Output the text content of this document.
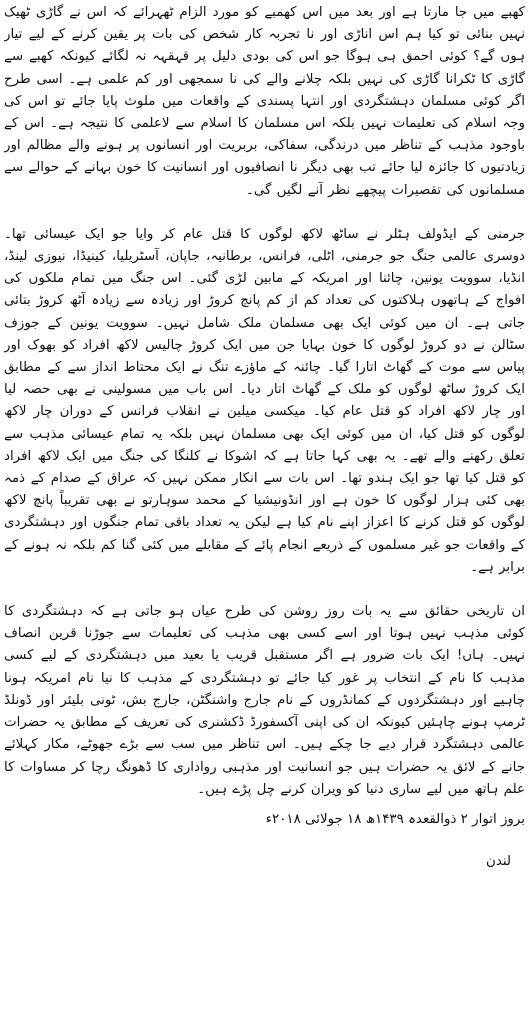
کھبے میں جا مارتا ہے اور بعد میں اس کھمبے کو مورد الزام ٹھہرائے کہ اس نے گاڑی ٹھیک نہیں بنائی تو کیا ہم اس اناڑی اور نا تجربہ کار شخص کی بات پر یقین کرنے کے لیے تیار ہوں گے؟ کوئی احمق ہی ہوگا جو اس کی بودی دلیل پر قہقہہ نہ لگائے کیونکہ کھبے سے گاڑی کا ٹکرانا گاڑی کی نہیں بلکہ چلانے والے کی نا سمجھی اور کم علمی ہے۔ اسی طرح اگر کوئی مسلمان دہشتگردی اور انتہا پسندی کے واقعات میں ملوث پایا جائے تو اس کی وجہ اسلام کی تعلیمات نہیں بلکہ اس مسلمان کا اسلام سے لاعلمی کا نتیجہ ہے۔ اس کے باوجود مذہب کے تناظر میں درندگی، سفاکی، بربریت اور انسانوں پر ہونے والے مظالم اور زیادتیوں کا جائزہ لیا جائے تب بھی دیگر نا انصافیوں اور انسانیت کا خون بہانے کے حوالے سے مسلمانوں کی تقصیرات پیچھے نظر آنے لگیں گی۔

جرمنی کے ایڈولف ہٹلر نے ساٹھ لاکھ لوگوں کا قتل عام کر وایا جو ایک عیسائی تھا۔ دوسری عالمی جنگ جو جرمنی، اٹلی، فرانس، برطانیہ، جاپان، آسٹریلیا، کینیڈا، نیوزی لینڈ، انڈیا، سوویت یونین، چائنا اور امریکہ کے مابین لڑی گئی۔ اس جنگ میں تمام ملکوں کی افواج کے ہاتھوں ہلاکتوں کی تعداد کم از کم پانچ کروڑ اور زیادہ سے زیادہ آٹھ کروڑ بتائی جاتی ہے۔ ان میں کوئی ایک بھی مسلمان ملک شامل نہیں۔ سوویت یونین کے جوزف سٹالن نے دو کروڑ لوگوں کا خون بہایا جن میں ایک کروڑ چالیس لاکھ افراد کو بھوک اور پیاس سے موت کے گھاٹ اتارا گیا۔ چائنہ کے ماؤزے تنگ نے ایک محتاط انداز سے کے مطابق ایک کروڑ ساٹھ لوگوں کو ملک کے گھاٹ اتار دیا۔ اس باب میں مسولینی نے بھی حصہ لیا اور چار لاکھ افراد کو قتل عام کیا۔ میکسی میلین نے انقلاب فرانس کے دوران چار لاکھ لوگوں کو قتل کیا، ان میں کوئی ایک بھی مسلمان نہیں بلکہ یہ تمام عیسائی مذہب سے تعلق رکھنے والے تھے۔ یہ بھی کہا جاتا ہے کہ اشوکا نے کلنگا کی جنگ میں ایک لاکھ افراد کو قتل کیا تھا جو ایک ہندو تھا۔ اس بات سے انکار ممکن نہیں کہ عراق کے صدام کے ذمہ بھی کئی ہزار لوگوں کا خون ہے اور انڈونیشیا کے محمد سوہارتو نے بھی تقریباً پانچ لاکھ لوگوں کو قتل کرنے کا اعزاز اپنے نام کیا ہے لیکن یہ تعداد باقی تمام جنگوں اور دہشتگردی کے واقعات جو غیر مسلموں کے ذریعے انجام پائے کے مقابلے میں کئی گنا کم بلکہ نہ ہونے کے برابر ہے۔

ان تاریخی حقائق سے یہ بات روز روشن کی طرح عیاں ہو جاتی ہے کہ دہشتگردی کا کوئی مذہب نہیں ہوتا اور اسے کسی بھی مذہب کی تعلیمات سے جوڑنا قرین انصاف نہیں۔ ہاں! ایک بات ضرور ہے اگر مستقبل قریب یا بعید میں دہشتگردی کے لیے کسی مذہب کا نام کے انتخاب پر غور کیا جائے تو دہشتگردی کے مذہب کا نیا نام امریکہ ہونا چاہیے اور دہشتگردوں کے کمانڈروں کے نام جارج واشنگٹن، جارج بش، ٹونی بلیئر اور ڈونلڈ ٹرمپ ہونے چاہئیں کیونکہ ان کی اپنی آکسفورڈ ڈکشنری کی تعریف کے مطابق یہ حضرات عالمی دہشتگرد قرار دیے جا چکے ہیں۔ اس تناظر میں سب سے بڑے جھوٹے، مکار کہلائے جانے کے لائق یہ حضرات ہیں جو انسانیت اور مذہبی رواداری کا ڈھونگ رچا کر مساوات کا علم ہاتھ میں لیے ساری دنیا کو ویران کرنے چل پڑے ہیں۔

بروز اتوار ۲ ذوالقعدہ ۱۴۳۹ھ ۱۸ جولائی ۲۰۱۸ء

لندن
